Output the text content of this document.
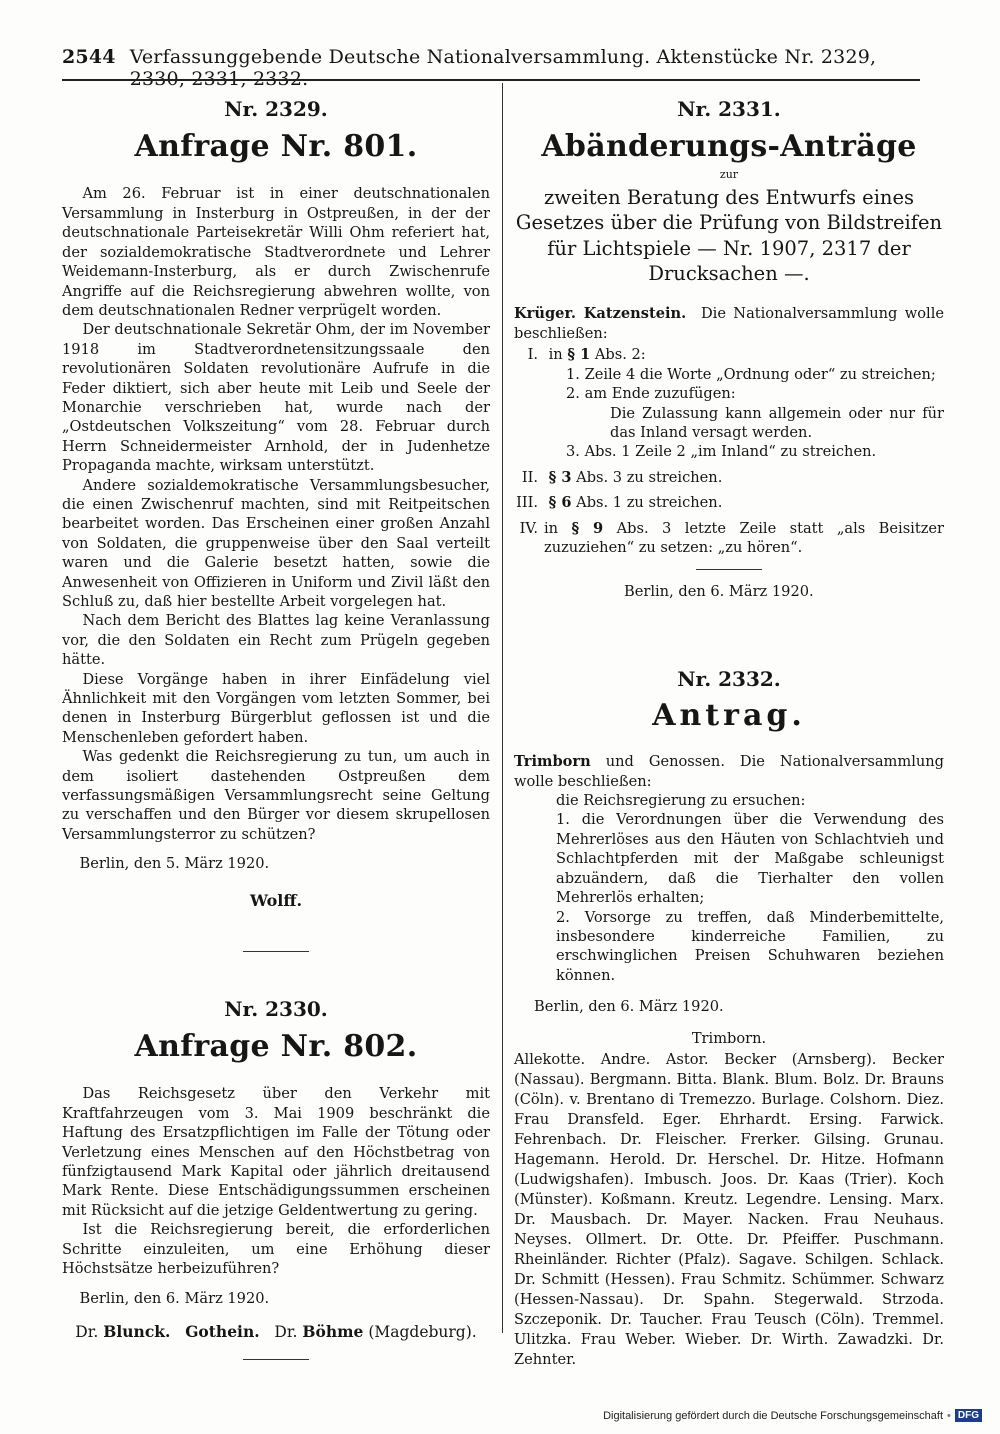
2544 Verfassunggebende Deutsche Nationalversammlung. Aktenstücke Nr. 2329, 2330, 2331, 2332.
Nr. 2329.
Anfrage Nr. 801.

Am 26. Februar ist in einer deutschnationalen Versammlung in Insterburg in Ostpreußen, in der der deutschnationale Parteisekretär Willi Ohm referiert hat, der sozialdemokratische Stadtverordnete und Lehrer Weidemann-Insterburg, als er durch Zwischenrufe Angriffe auf die Reichsregierung abwehren wollte, von dem deutschnationalen Redner verprügelt worden.

Der deutschnationale Sekretär Ohm, der im November 1918 im Stadtverordnetensitzungssaale den revolutionären Soldaten revolutionäre Aufrufe in die Feder diktiert, sich aber heute mit Leib und Seele der Monarchie verschrieben hat, wurde nach der „Ostdeutschen Volkszeitung“ vom 28. Februar durch Herrn Schneidermeister Arnhold, der in Judenhetze Propaganda machte, wirksam unterstützt.

Andere sozialdemokratische Versammlungsbesucher, die einen Zwischenruf machten, sind mit Reitpeitschen bearbeitet worden. Das Erscheinen einer großen Anzahl von Soldaten, die gruppenweise über den Saal verteilt waren und die Galerie besetzt hatten, sowie die Anwesenheit von Offizieren in Uniform und Zivil läßt den Schluß zu, daß hier bestellte Arbeit vorgelegen hat.

Nach dem Bericht des Blattes lag keine Veranlassung vor, die den Soldaten ein Recht zum Prügeln gegeben hätte.

Diese Vorgänge haben in ihrer Einfädelung viel Ähnlichkeit mit den Vorgängen vom letzten Sommer, bei denen in Insterburg Bürgerblut geflossen ist und die Menschenleben gefordert haben.

Was gedenkt die Reichsregierung zu tun, um auch in dem isoliert dastehenden Ostpreußen dem verfassungsmäßigen Versammlungsrecht seine Geltung zu verschaffen und den Bürger vor diesem skrupellosen Versammlungsterror zu schützen?

Berlin, den 5. März 1920.
Wolff.
Nr. 2330.
Anfrage Nr. 802.

Das Reichsgesetz über den Verkehr mit Kraftfahrzeugen vom 3. Mai 1909 beschränkt die Haftung des Ersatzpflichtigen im Falle der Tötung oder Verletzung eines Menschen auf den Höchstbetrag von fünfzigtausend Mark Kapital oder jährlich dreitausend Mark Rente. Diese Entschädigungssummen erscheinen mit Rücksicht auf die jetzige Geldentwertung zu gering.

Ist die Reichsregierung bereit, die erforderlichen Schritte einzuleiten, um eine Erhöhung dieser Höchstsätze herbeizuführen?

Berlin, den 6. März 1920.
Dr. Blunck. Gothein. Dr. Böhme (Magdeburg).
Nr. 2331.
Abänderungs-Anträge
zur
zweiten Beratung des Entwurfs eines Gesetzes über die Prüfung von Bildstreifen für Lichtspiele — Nr. 1907, 2317 der Drucksachen —.

Krüger. Katzenstein. Die Nationalversammlung wolle beschließen:

I. in § 1 Abs. 2:
1. Zeile 4 die Worte „Ordnung oder“ zu streichen;
2. am Ende zuzufügen:
Die Zulassung kann allgemein oder nur für das Inland versagt werden.
3. Abs. 1 Zeile 2 „im Inland“ zu streichen.
II. § 3 Abs. 3 zu streichen.
III. § 6 Abs. 1 zu streichen.
IV. in § 9 Abs. 3 letzte Zeile statt „als Beisitzer zuzuziehen“ zu setzen: „zu hören“.
Berlin, den 6. März 1920.
Nr. 2332.
Antrag.

Trimborn und Genossen. Die Nationalversammlung wolle beschließen:

die Reichsregierung zu ersuchen:
1. die Verordnungen über die Verwendung des Mehrerlöses aus den Häuten von Schlachtvieh und Schlachtpferden mit der Maßgabe schleunigst abzuändern, daß die Tierhalter den vollen Mehrerlös erhalten;
2. Vorsorge zu treffen, daß Minderbemittelte, insbesondere kinderreiche Familien, zu erschwinglichen Preisen Schuhwaren beziehen können.
Berlin, den 6. März 1920.
Trimborn.
Allekotte. Andre. Astor. Becker (Arnsberg). Becker (Nassau). Bergmann. Bitta. Blank. Blum. Bolz. Dr. Brauns (Cöln). v. Brentano di Tremezzo. Burlage. Colshorn. Diez. Frau Dransfeld. Eger. Ehrhardt. Ersing. Farwick. Fehrenbach. Dr. Fleischer. Frerker. Gilsing. Grunau. Hagemann. Herold. Dr. Herschel. Dr. Hitze. Hofmann (Ludwigshafen). Imbusch. Joos. Dr. Kaas (Trier). Koch (Münster). Koßmann. Kreutz. Legendre. Lensing. Marx. Dr. Mausbach. Dr. Mayer. Nacken. Frau Neuhaus. Neyses. Ollmert. Dr. Otte. Dr. Pfeiffer. Puschmann. Rheinländer. Richter (Pfalz). Sagave. Schilgen. Schlack. Dr. Schmitt (Hessen). Frau Schmitz. Schümmer. Schwarz (Hessen-Nassau). Dr. Spahn. Stegerwald. Strzoda. Szczeponik. Dr. Taucher. Frau Teusch (Cöln). Tremmel. Ulitzka. Frau Weber. Wieber. Dr. Wirth. Zawadzki. Dr. Zehnter.
Digitalisierung gefördert durch die Deutsche Forschungsgemeinschaft • DFG
